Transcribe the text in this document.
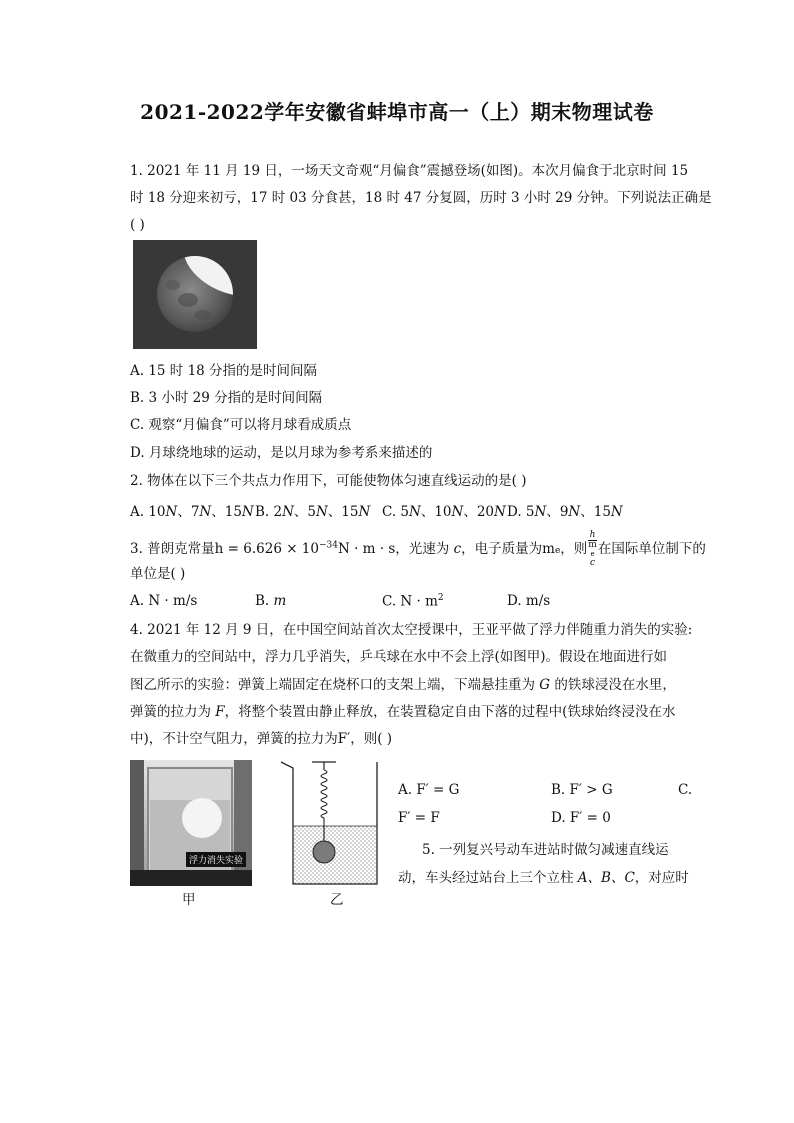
2021-2022学年安徽省蚌埠市高一（上）期末物理试卷
1. 2021 年 11 月 19 日，一场天文奇观“月偏食”震撼登场(如图)。本次月偏食于北京时间 15
时 18 分迎来初亏，17 时 03 分食甚，18 时 47 分复圆，历时 3 小时 29 分钟。下列说法正确是
( )
A. 15 时 18 分指的是时间间隔
B. 3 小时 29 分指的是时间间隔
C. 观察“月偏食”可以将月球看成质点
D. 月球绕地球的运动，是以月球为参考系来描述的
2. 物体在以下三个共点力作用下，可能使物体匀速直线运动的是( )
A. 10N、7N、15N B. 2N、5N、15N C. 5N、10N、20N D. 5N、9N、15N
3. 普朗克常量$h = 6.626 \times 10^{-34}N \cdot m \cdot s$，光速为 c，电子质量为me，则 h
m
e
c 在国际单位制下的
单位是( )
A. N · m/s	B. m	C. $N \cdot m^2$	D. m/s
4. 2021 年 12 月 9 日，在中国空间站首次太空授课中，王亚平做了浮力伴随重力消失的实验:
在微重力的空间站中，浮力几乎消失，乒乓球在水中不会上浮(如图甲)。假设在地面进行如
图乙所示的实验：弹簧上端固定在烧杯口的支架上端，下端悬挂重为 G 的铁球浸没在水里，
弹簧的拉力为 F，将整个装置由静止释放，在装置稳定自由下落的过程中(铁球始终浸没在水
中)，不计空气阻力，弹簧的拉力为F′，则( )
浮力消失实验
甲	乙
A. F′ = G	B. F′ > G	C.
F′ = F	D. F′ = 0
5. 一列复兴号动车进站时做匀减速直线运
动，车头经过站台上三个立柱 A、B、C，对应时
